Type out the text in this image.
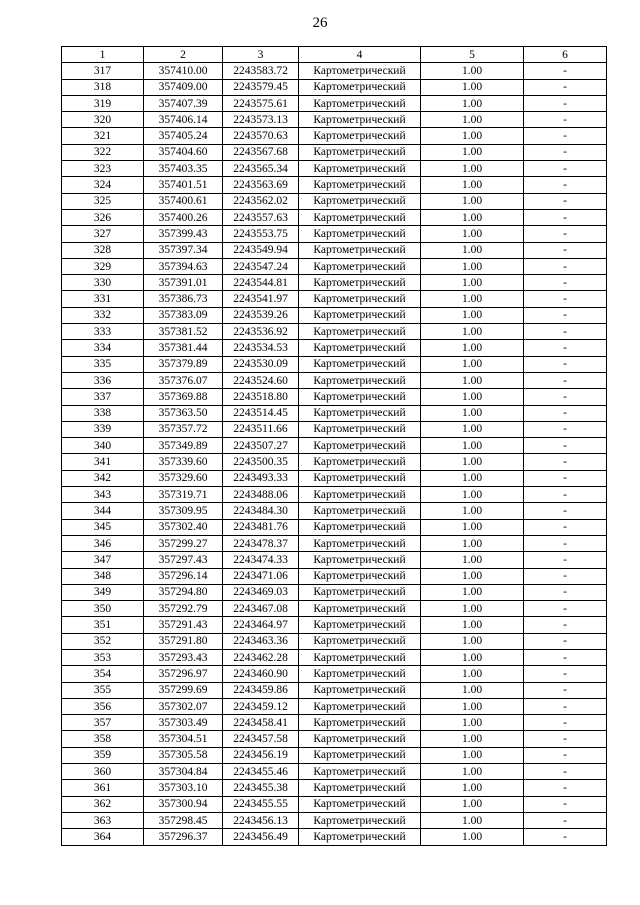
26
1	2	3	4	5	6
317	357410.00	2243583.72	Картометрический	1.00	-
318	357409.00	2243579.45	Картометрический	1.00	-
319	357407.39	2243575.61	Картометрический	1.00	-
320	357406.14	2243573.13	Картометрический	1.00	-
321	357405.24	2243570.63	Картометрический	1.00	-
322	357404.60	2243567.68	Картометрический	1.00	-
323	357403.35	2243565.34	Картометрический	1.00	-
324	357401.51	2243563.69	Картометрический	1.00	-
325	357400.61	2243562.02	Картометрический	1.00	-
326	357400.26	2243557.63	Картометрический	1.00	-
327	357399.43	2243553.75	Картометрический	1.00	-
328	357397.34	2243549.94	Картометрический	1.00	-
329	357394.63	2243547.24	Картометрический	1.00	-
330	357391.01	2243544.81	Картометрический	1.00	-
331	357386.73	2243541.97	Картометрический	1.00	-
332	357383.09	2243539.26	Картометрический	1.00	-
333	357381.52	2243536.92	Картометрический	1.00	-
334	357381.44	2243534.53	Картометрический	1.00	-
335	357379.89	2243530.09	Картометрический	1.00	-
336	357376.07	2243524.60	Картометрический	1.00	-
337	357369.88	2243518.80	Картометрический	1.00	-
338	357363.50	2243514.45	Картометрический	1.00	-
339	357357.72	2243511.66	Картометрический	1.00	-
340	357349.89	2243507.27	Картометрический	1.00	-
341	357339.60	2243500.35	Картометрический	1.00	-
342	357329.60	2243493.33	Картометрический	1.00	-
343	357319.71	2243488.06	Картометрический	1.00	-
344	357309.95	2243484.30	Картометрический	1.00	-
345	357302.40	2243481.76	Картометрический	1.00	-
346	357299.27	2243478.37	Картометрический	1.00	-
347	357297.43	2243474.33	Картометрический	1.00	-
348	357296.14	2243471.06	Картометрический	1.00	-
349	357294.80	2243469.03	Картометрический	1.00	-
350	357292.79	2243467.08	Картометрический	1.00	-
351	357291.43	2243464.97	Картометрический	1.00	-
352	357291.80	2243463.36	Картометрический	1.00	-
353	357293.43	2243462.28	Картометрический	1.00	-
354	357296.97	2243460.90	Картометрический	1.00	-
355	357299.69	2243459.86	Картометрический	1.00	-
356	357302.07	2243459.12	Картометрический	1.00	-
357	357303.49	2243458.41	Картометрический	1.00	-
358	357304.51	2243457.58	Картометрический	1.00	-
359	357305.58	2243456.19	Картометрический	1.00	-
360	357304.84	2243455.46	Картометрический	1.00	-
361	357303.10	2243455.38	Картометрический	1.00	-
362	357300.94	2243455.55	Картометрический	1.00	-
363	357298.45	2243456.13	Картометрический	1.00	-
364	357296.37	2243456.49	Картометрический	1.00	-
